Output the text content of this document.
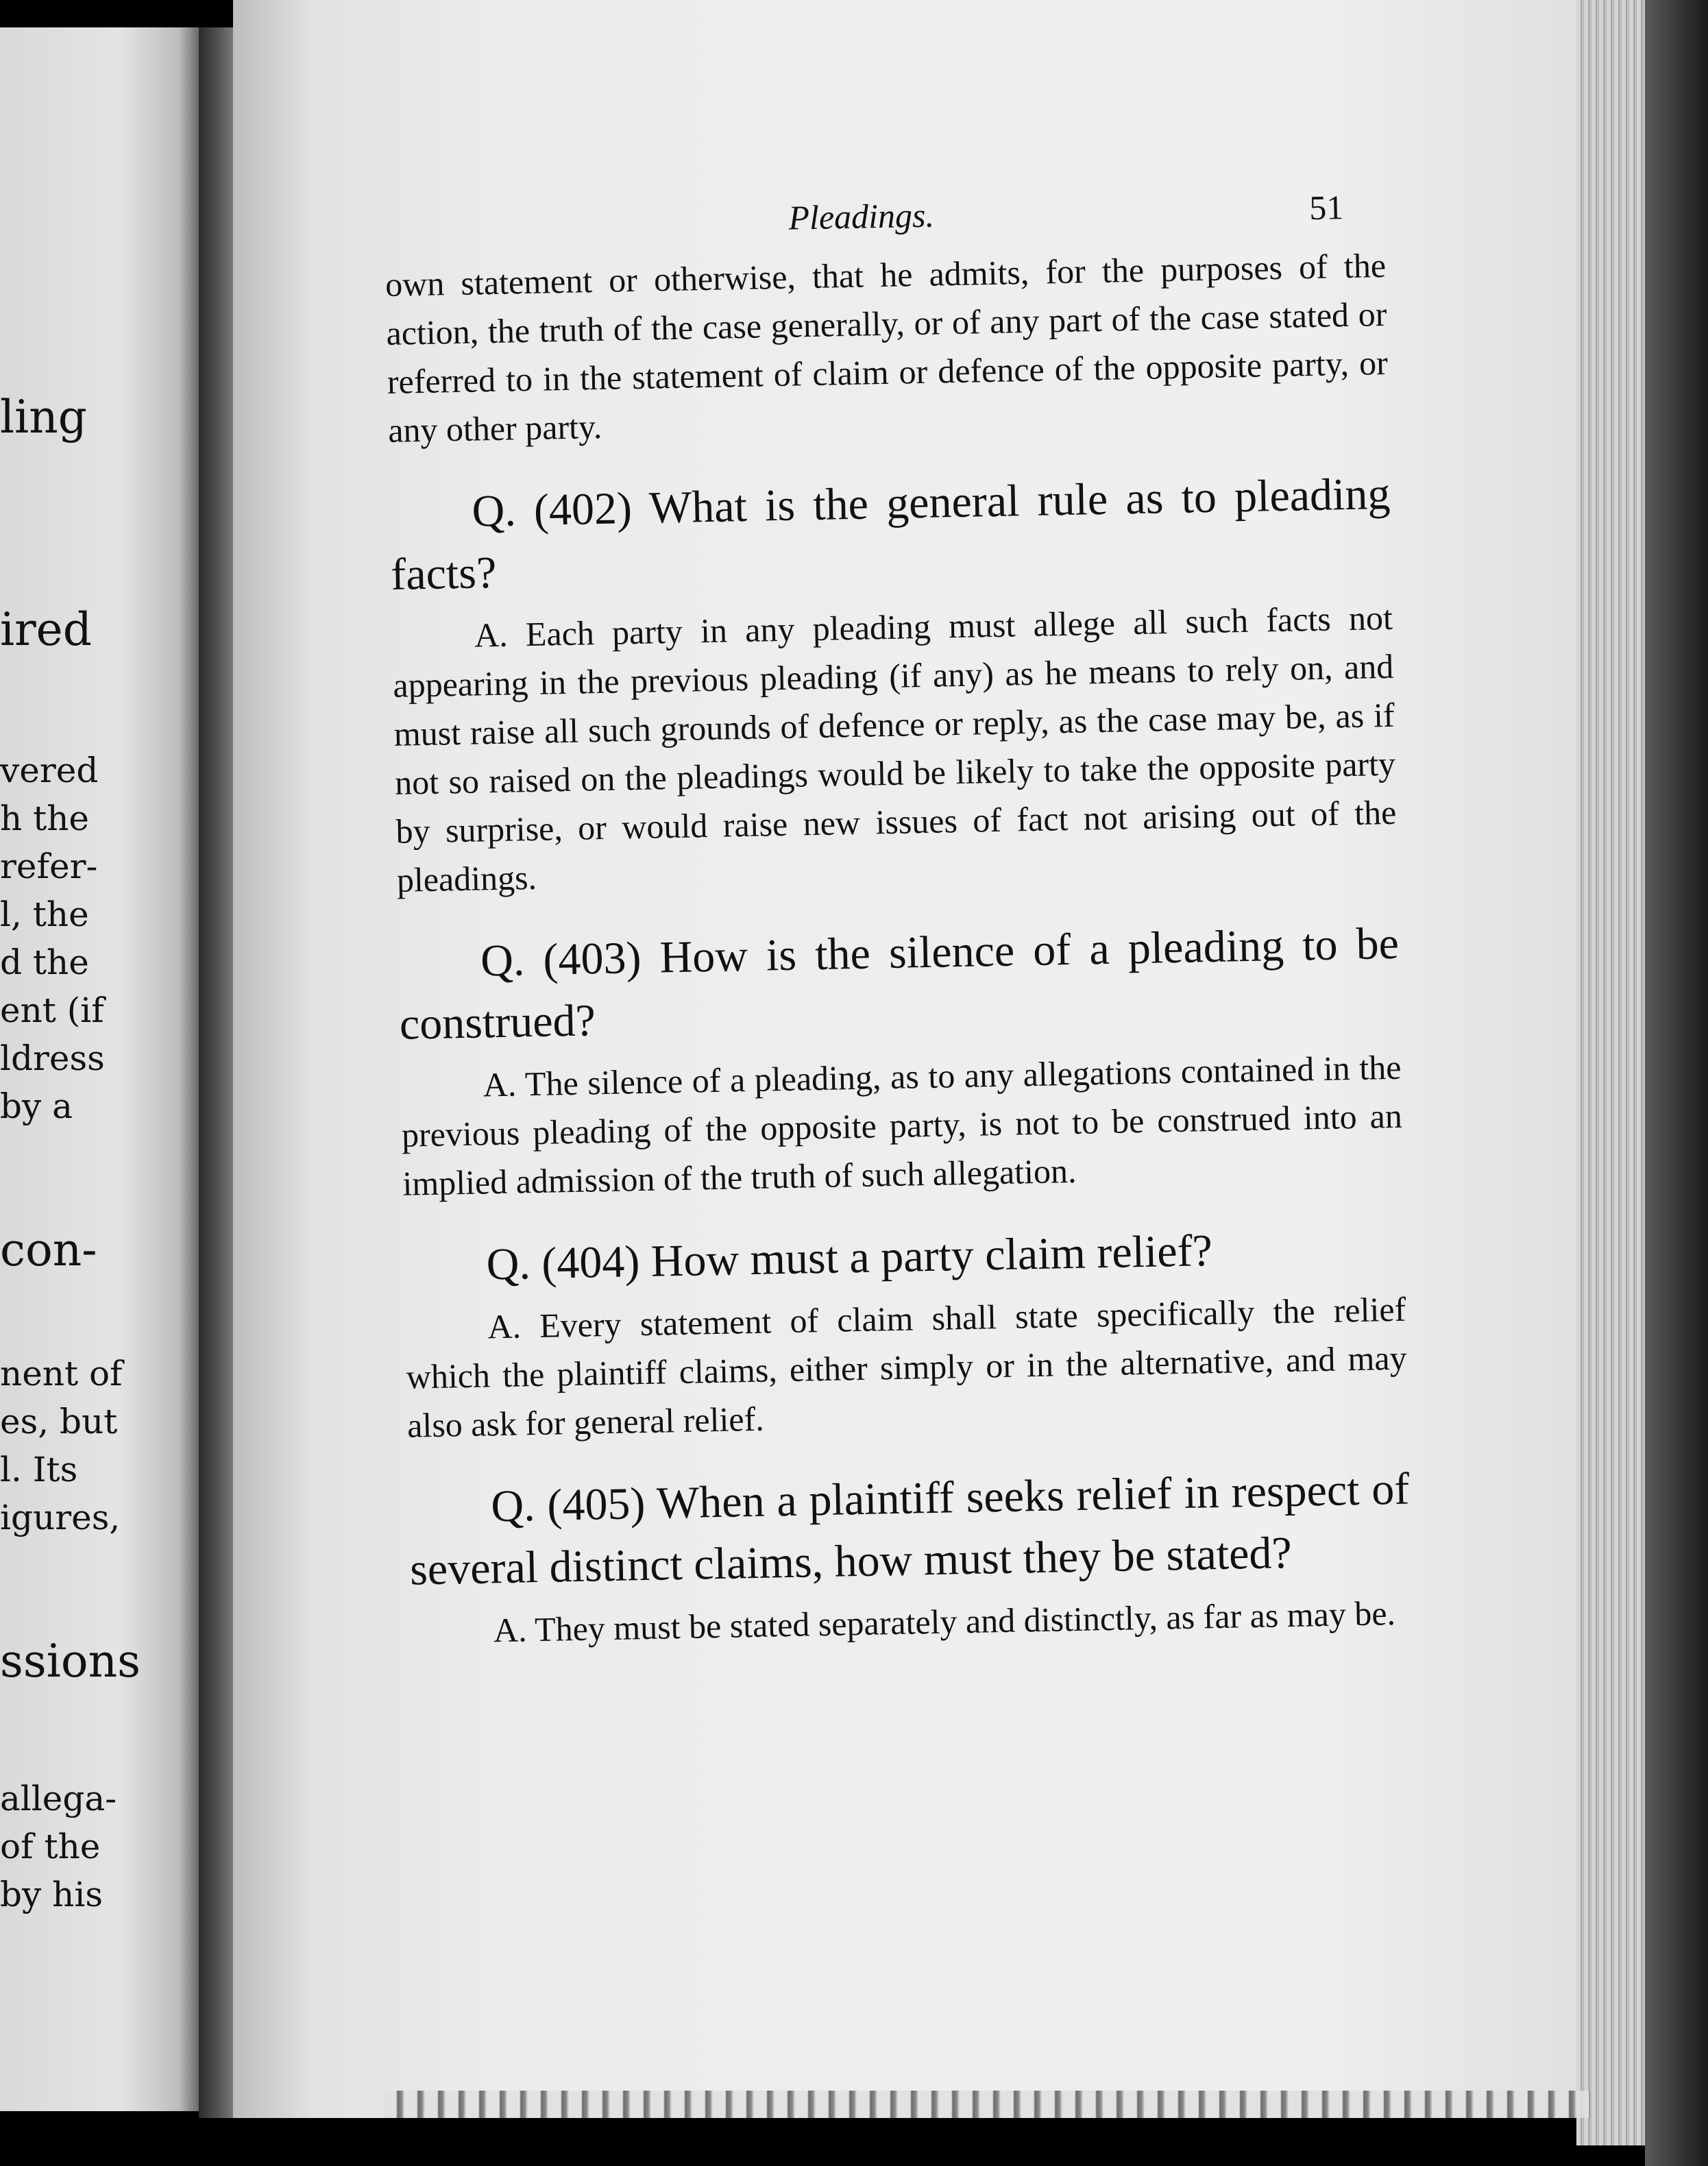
ling
ired
vered
h the
refer-
l, the
d the
ent (if
ldress
by a
con-
nent of
es, but
l. Its
igures,
ssions
allega-
of the
by his
Pleadings.	51

own statement or otherwise, that he admits, for the purposes of the action, the truth of the case generally, or of any part of the case stated or referred to in the statement of claim or defence of the opposite party, or any other party.

Q. (402) What is the general rule as to pleading facts?

A. Each party in any pleading must allege all such facts not appearing in the previous pleading (if any) as he means to rely on, and must raise all such grounds of defence or reply, as the case may be, as if not so raised on the pleadings would be likely to take the opposite party by surprise, or would raise new issues of fact not arising out of the pleadings.

Q. (403) How is the silence of a pleading to be construed?

A. The silence of a pleading, as to any allegations contained in the previous pleading of the opposite party, is not to be construed into an implied admission of the truth of such allegation.

Q. (404) How must a party claim relief?

A. Every statement of claim shall state specifically the relief which the plaintiff claims, either simply or in the alternative, and may also ask for general relief.

Q. (405) When a plaintiff seeks relief in respect of several distinct claims, how must they be stated?

A. They must be stated separately and distinctly, as far as may be.
